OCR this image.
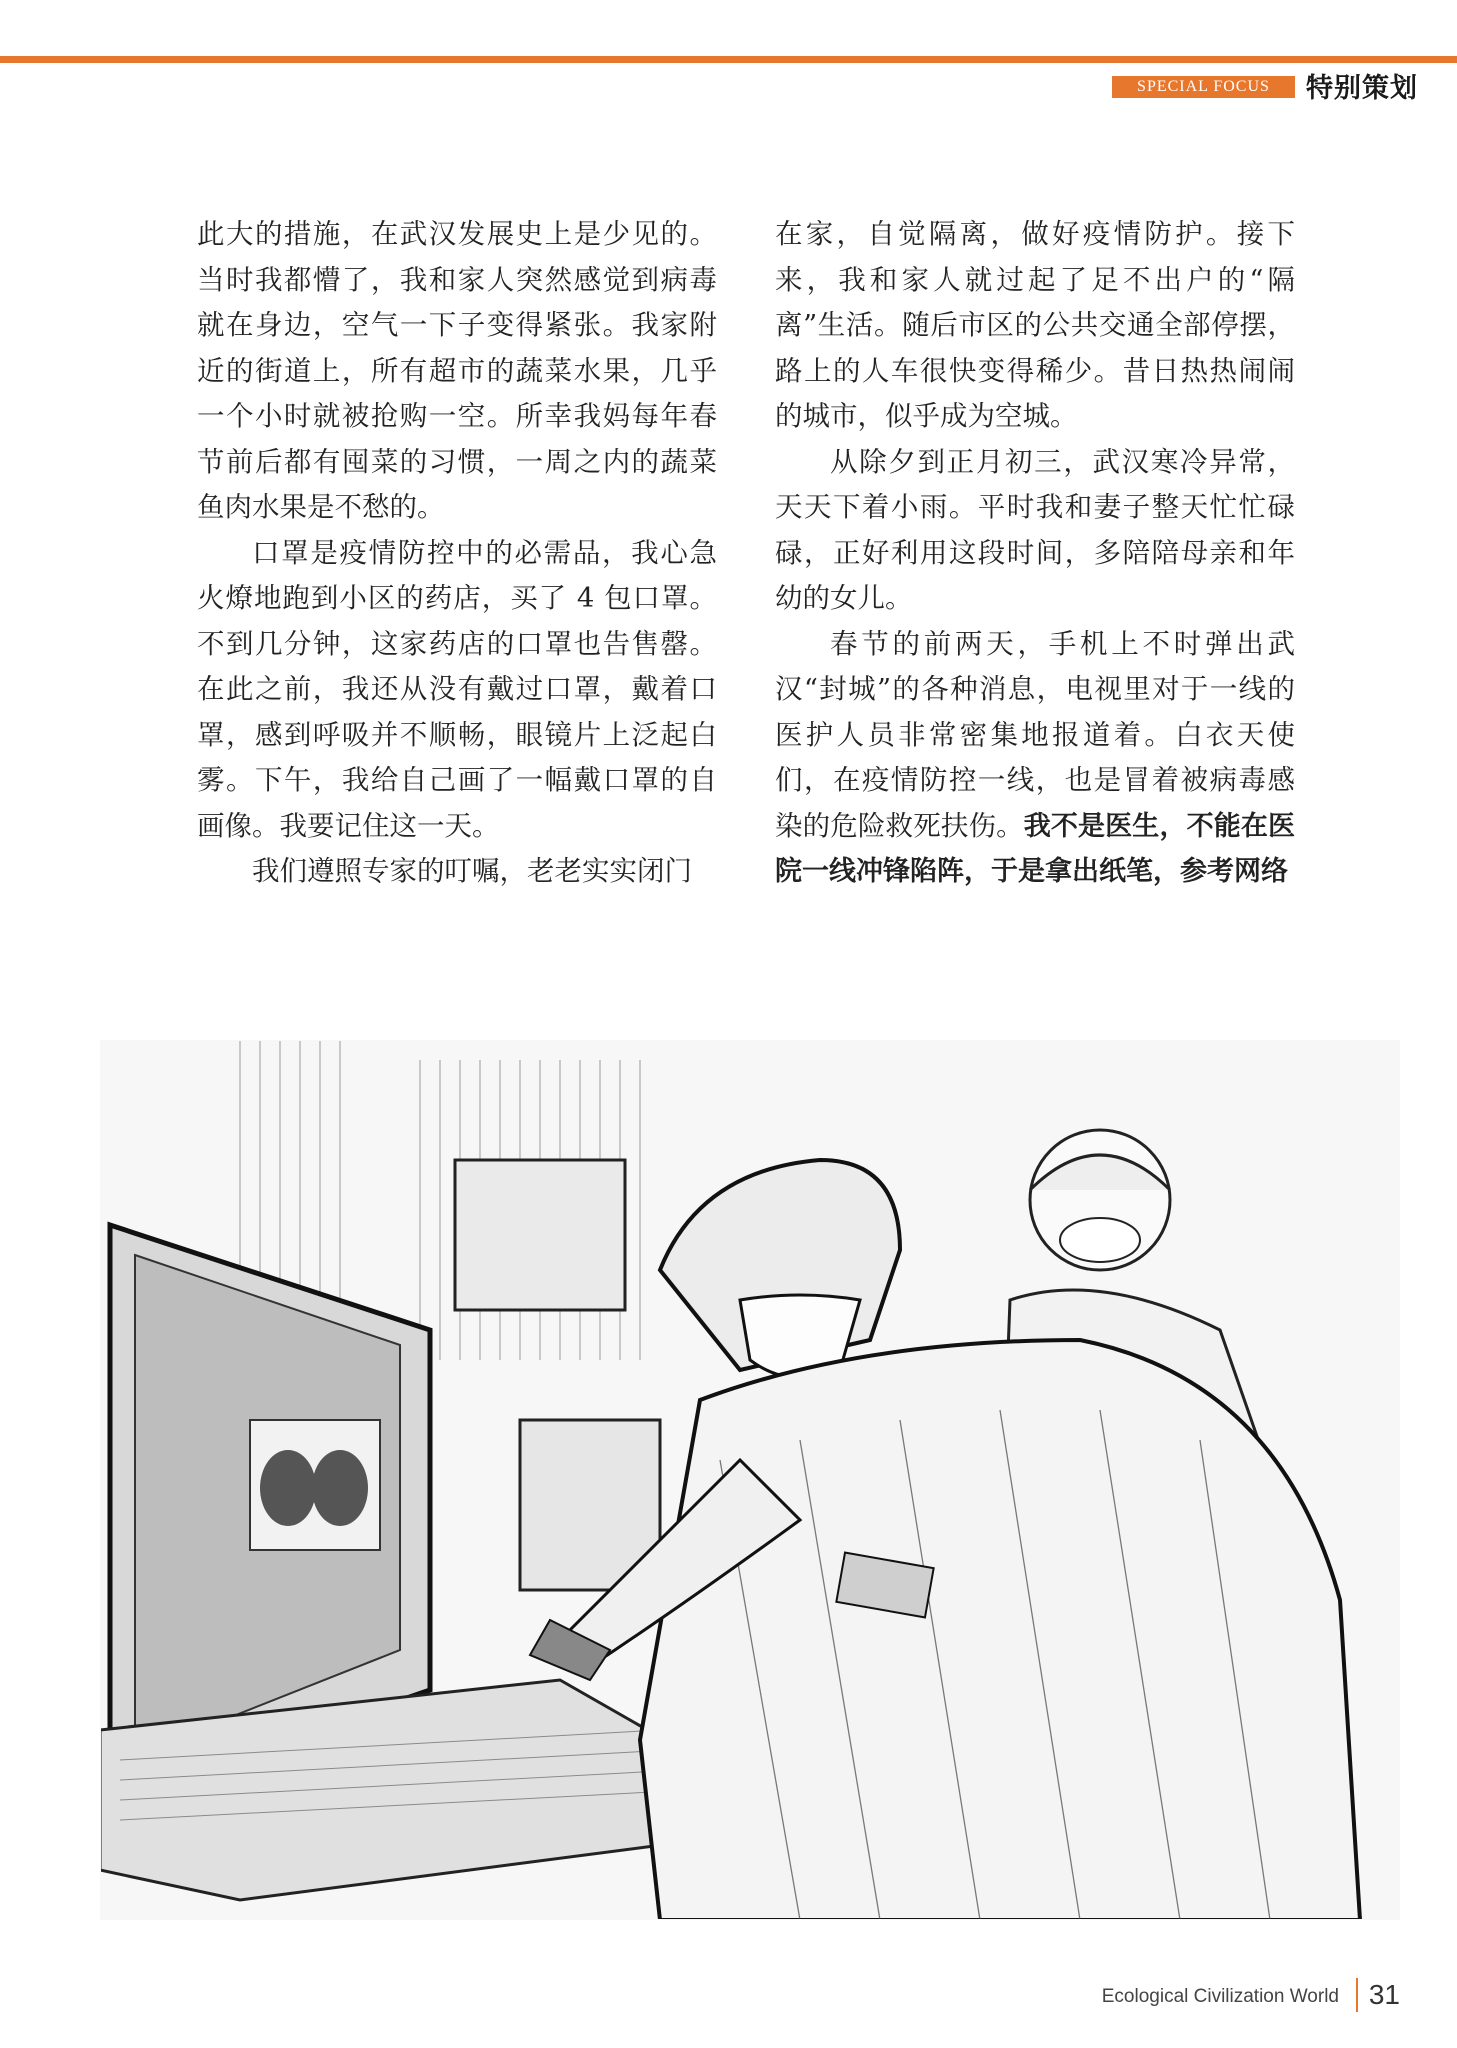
SPECIAL FOCUS	特别策划

此大的措施，在武汉发展史上是少见的。当时我都懵了，我和家人突然感觉到病毒就在身边，空气一下子变得紧张。我家附近的街道上，所有超市的蔬菜水果，几乎一个小时就被抢购一空。所幸我妈每年春节前后都有囤菜的习惯，一周之内的蔬菜鱼肉水果是不愁的。

口罩是疫情防控中的必需品，我心急火燎地跑到小区的药店，买了 4 包口罩。不到几分钟，这家药店的口罩也告售罄。在此之前，我还从没有戴过口罩，戴着口罩，感到呼吸并不顺畅，眼镜片上泛起白雾。下午，我给自己画了一幅戴口罩的自画像。我要记住这一天。

我们遵照专家的叮嘱，老老实实闭门

在家，自觉隔离，做好疫情防护。接下来，我和家人就过起了足不出户的“隔离”生活。随后市区的公共交通全部停摆，路上的人车很快变得稀少。昔日热热闹闹的城市，似乎成为空城。

从除夕到正月初三，武汉寒冷异常，天天下着小雨。平时我和妻子整天忙忙碌碌，正好利用这段时间，多陪陪母亲和年幼的女儿。

春节的前两天，手机上不时弹出武汉“封城”的各种消息，电视里对于一线的医护人员非常密集地报道着。白衣天使们，在疫情防控一线，也是冒着被病毒感染的危险救死扶伤。我不是医生，不能在医院一线冲锋陷阵，于是拿出纸笔，参考网络

Ecological Civilization World 31
